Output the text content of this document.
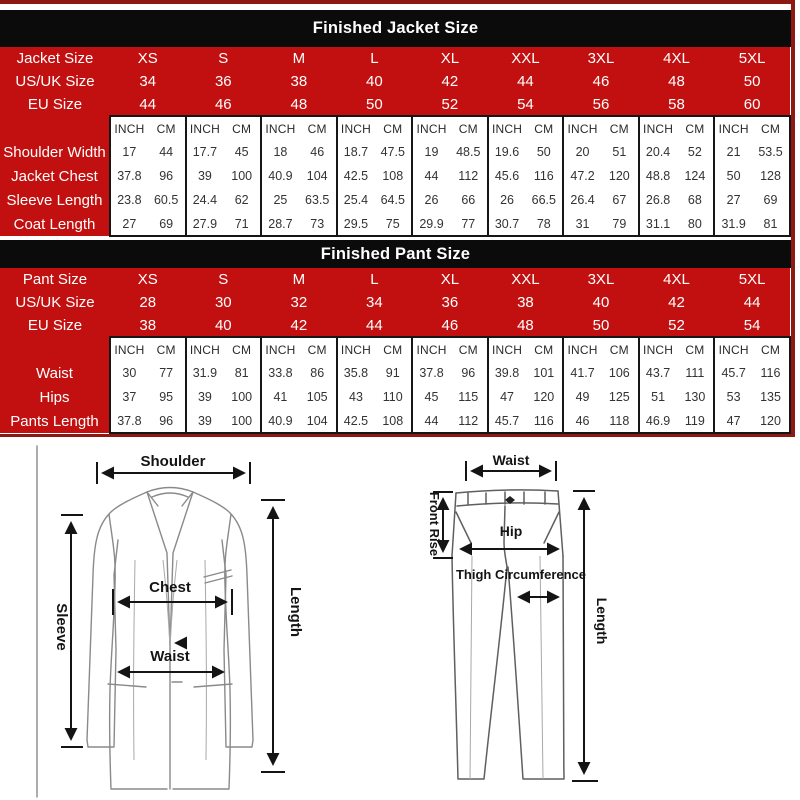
Finished Jacket Size
Jacket Size	XS		S		M		L		XL		XXL		3XL		4XL		5XL	
US/UK Size	34		36		38		40		42		44		46		48		50	
EU Size	44		46		48		50		52		54		56		58		60	
	INCH	CM	INCH	CM	INCH	CM	INCH	CM	INCH	CM	INCH	CM	INCH	CM	INCH	CM	INCH	CM
Shoulder Width	17	44	17.7	45	18	46	18.7	47.5	19	48.5	19.6	50	20	51	20.4	52	21	53.5
Jacket Chest	37.8	96	39	100	40.9	104	42.5	108	44	112	45.6	116	47.2	120	48.8	124	50	128
Sleeve Length	23.8	60.5	24.4	62	25	63.5	25.4	64.5	26	66	26	66.5	26.4	67	26.8	68	27	69
Coat Length	27	69	27.9	71	28.7	73	29.5	75	29.9	77	30.7	78	31	79	31.1	80	31.9	81
Finished Pant Size
Pant Size	XS		S		M		L		XL		XXL		3XL		4XL		5XL	
US/UK Size	28		30		32		34		36		38		40		42		44	
EU Size	38		40		42		44		46		48		50		52		54	
	INCH	CM	INCH	CM	INCH	CM	INCH	CM	INCH	CM	INCH	CM	INCH	CM	INCH	CM	INCH	CM
Waist	30	77	31.9	81	33.8	86	35.8	91	37.8	96	39.8	101	41.7	106	43.7	111	45.7	116
Hips	37	95	39	100	41	105	43	110	45	115	47	120	49	125	51	130	53	135
Pants Length	37.8	96	39	100	40.9	104	42.5	108	44	112	45.7	116	46	118	46.9	119	47	120
Shoulder
Sleeve	Length
Chest
Waist
Waist
Front Rise	Hip
Thigh Circumference
Length
